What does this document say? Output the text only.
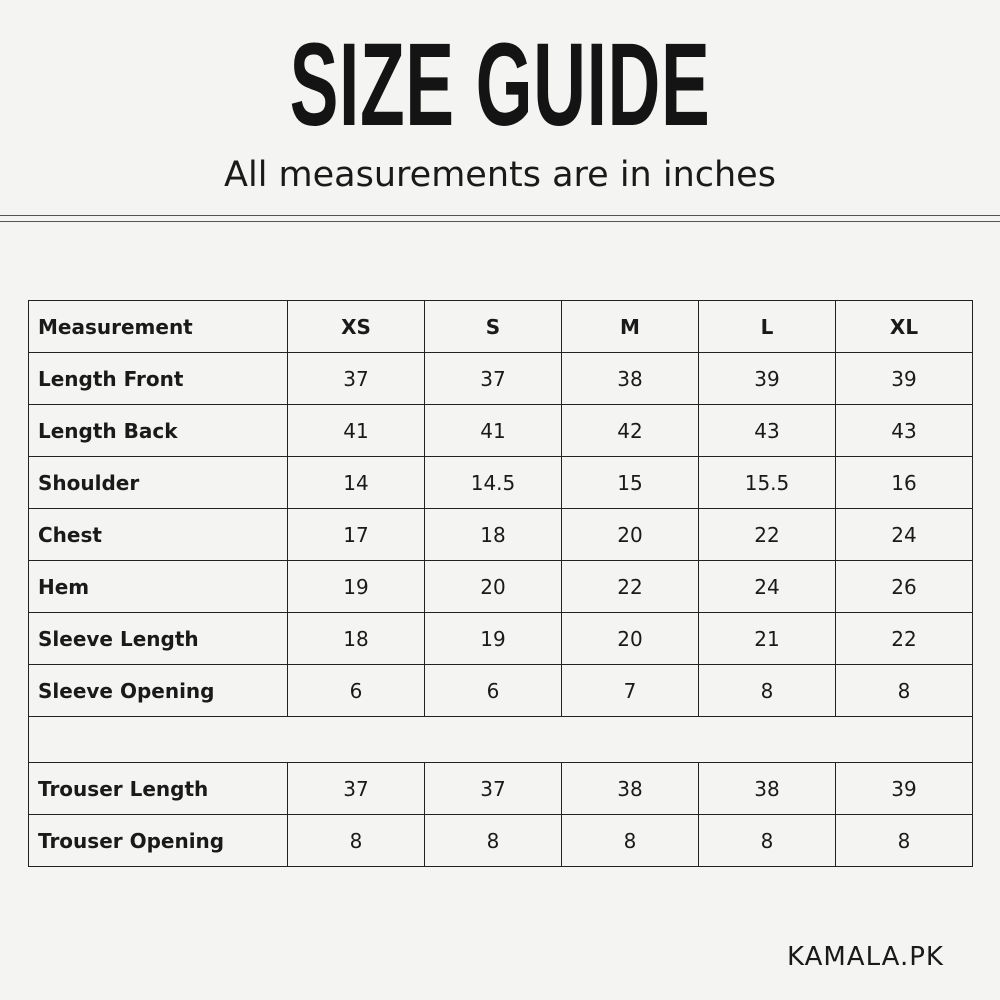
SIZE GUIDE
All measurements are in inches
Measurement	XS	S	M	L	XL
Length Front	37	37	38	39	39
Length Back	41	41	42	43	43
Shoulder	14	14.5	15	15.5	16
Chest	17	18	20	22	24
Hem	19	20	22	24	26
Sleeve Length	18	19	20	21	22
Sleeve Opening	6	6	7	8	8

Trouser Length	37	37	38	38	39
Trouser Opening	8	8	8	8	8
KAMALA.PK
